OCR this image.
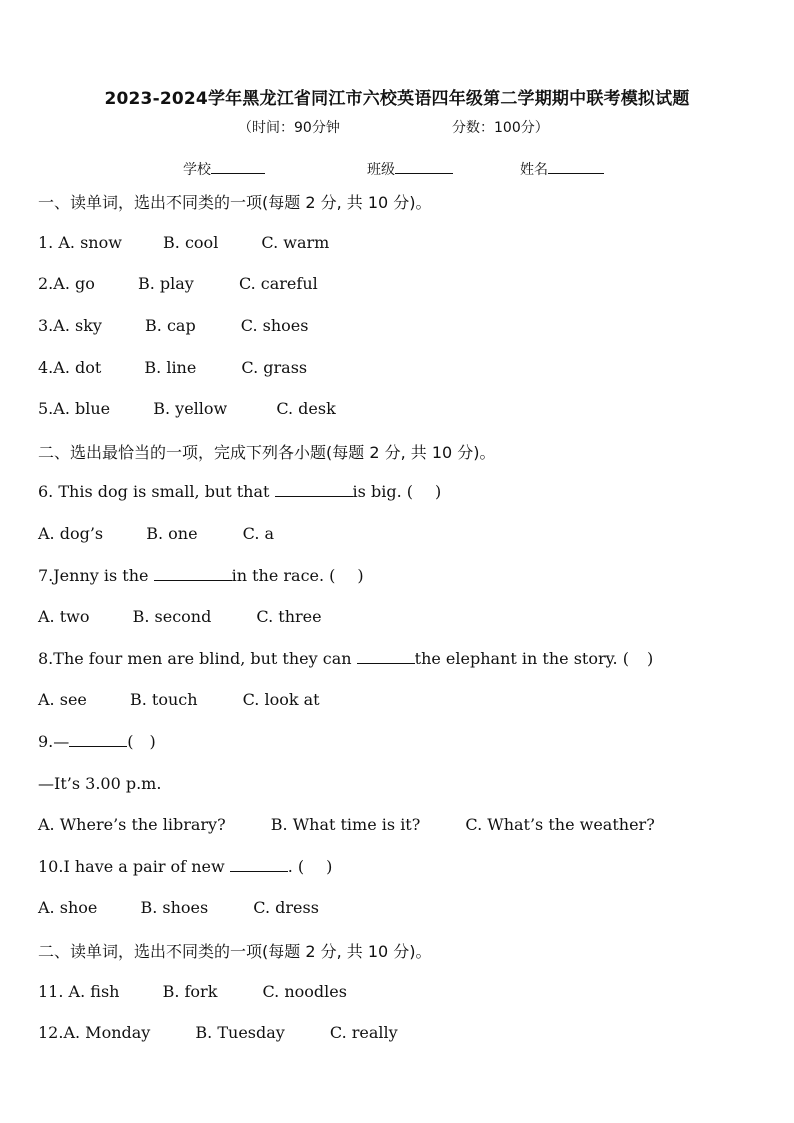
2023-2024学年黑龙江省同江市六校英语四年级第二学期期中联考模拟试题
（时间：90分钟	分数：100分）
学校	班级	姓名
一、读单词，选出不同类的一项(每题 2 分, 共 10 分)。
1. A. snow	B. cool	C. warm
2.A. go	B. play	C. careful
3.A. sky	B. cap	C. shoes
4.A. dot	B. line	C. grass
5.A. blue	B. yellow	C. desk
二、选出最恰当的一项，完成下列各小题(每题 2 分, 共 10 分)。
6. This dog is small, but that	is big. ( )
A. dog’s	B. one	C. a
7.Jenny is the	in the race. ( )
A. two	B. second	C. three
8.The four men are blind, but they can	the elephant in the story. ( )
A. see	B. touch	C. look at
9.—	( )
—It’s 3.00 p.m.
A. Where’s the library?	B. What time is it?	C. What’s the weather?
10.I have a pair of new	. ( )
A. shoe	B. shoes	C. dress
二、读单词，选出不同类的一项(每题 2 分, 共 10 分)。
11. A. fish	B. fork	C. noodles
12.A. Monday	B. Tuesday	C. really
